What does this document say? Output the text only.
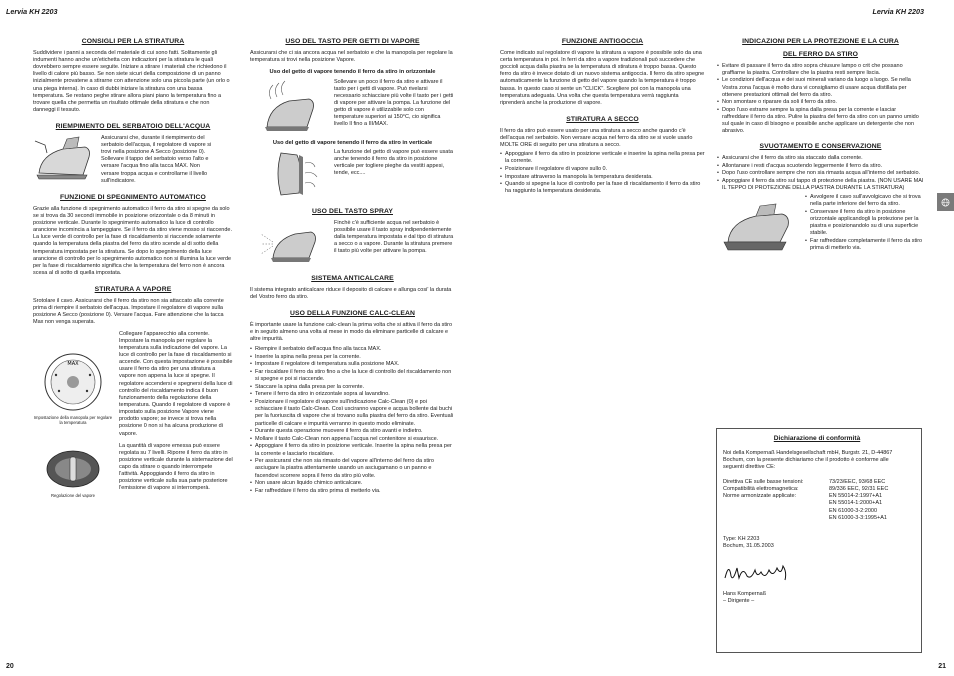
Lervia KH 2203	Lervia KH 2203
CONSIGLI PER LA STIRATURA

Suddividere i panni a seconda del materiale di cui sono fatti. Solitamente gli indumenti hanno anche un'etichetta con indicazioni per la stiratura le quali dovrebbero sempre essere seguite. Iniziare a stirare i materiali che richiedono il livello di calore più basso. Se non siete sicuri della composizione di un panno inizialmente provatene a stirarne con attenzione solo una piccola parte (un orlo o una piega interna). In caso di dubbi iniziare la stiratura con una bassa temperatura. Se restano peghe stirare allora piani piano la temperatura fino a trovare quella che permetta un risultato ottimale della stiratura e che non danneggi il tessuto.

RIEMPIMENTO DEL SERBATOIO DELL'ACQUA

Assicurarsi che, durante il riempimento del serbatoio dell'acqua, il regolatore di vapore si trovi nella posizione A Secco (posizione 0). Sollevare il tappo del serbatoio verso l'alto e versare l'acqua fino alla tacca MAX. Non versare troppa acqua e controllarne il livello sull'indicatore.

FUNZIONE DI SPEGNIMENTO AUTOMATICO

Grazie alla funzione di spegnimento automatico il ferro da stiro si spegne da solo se si trova da 30 secondi immobile in posizione orizzontale o da 8 minuti in posizione verticale. Durante lo spegnimento automatico la luce di controllo arancione incomincia a lampeggiare. Se il ferro da stiro viene mosso si riaccende. La luce verde di controllo per la fase di riscaldamento si riaccende solamente quando la temperatura della piastra del ferro da stiro scende al di sotto della temperatura impostata per la stiratura. Se dopo lo spegnimento della luce arancione di controllo per lo spegnimento automatico non si illumina la luce verde per la fase di riscaldamento significa che la temperatura del ferro non è ancora scesa al di sotto di quella impostata.

STIRATURA A VAPORE

Srotolare il cavo. Assicurarsi che il ferro da stiro non sia attaccato alla corrente prima di riempire il serbatoio dell'acqua. Impostare il regolatore di vapore sulla posizione A Secco (posizione 0). Versare l'acqua. Fare attenzione che la tacca Max non venga superata.

MAX
Impostazione della manopola per regolare la temperatura

Collegare l'apparecchio alla corrente. Impostare la manopola per regolare la temperatura sulla indicazione del vapore. La luce di controllo per la fase di riscaldamento si accende. Con questa impostazione è possibile usare il ferro da stiro per una stiratura a vapore non appena la luce si spegne. Il regolatore accendersi e spegnersi della luce di controllo del riscaldamento indica il buon funzionamento della regolazione della temperatura. Quando il regolatore di vapore è impostato sulla posizione Vapore viene prodotto vapore; se invece si trova nella posizione 0 non si ha alcuna produzione di vapore.

Regolazione del vapore

La quantità di vapore emessa può essere regolata su 7 livelli. Riporre il ferro da stiro in posizione verticale durante la sistemazione del capo da stirare o quando interrompete l'attività. Appoggiando il ferro da stiro in posizione verticale sulla sua parte posteriore l'emissione di vapore si interromperà.

USO DEL TASTO PER GETTI DI VAPORE

Assicurarsi che ci sia ancora acqua nel serbatoio e che la manopola per regolare la temperatura si trovi nella posizione Vapore.

Uso del getto di vapore tenendo il ferro da stiro in orizzontale

Sollevare un poco il ferro da stiro e attivare il tasto per i getti di vapore. Può rivelarsi necessario schiacciare più volte il tasto per i getti di vapore per attivare la pompa. La funzione del getto di vapore è utilizzabile solo con temperature superiori ai 150°C, cio significa livello Il fino a III/MAX.

Uso del getto di vapore tenendo il ferro da stiro in verticale

La funzione del getto di vapore può essere usata anche tenendo il ferro da stiro in posizione verticale per togliere pieghe da vestiti appesi, tende, ecc....

USO DEL TASTO SPRAY

Finchè c'è sufficiente acqua nel serbatoio è possibile usare il tasto spray indipendentemente dalla temperatura impostata e dal tipo di stiratura a secco o a vapore. Durante la stiratura premere il tasto più volte per attivare la pompa.

SISTEMA ANTICALCARE

Il sistema integrato anticalcare riduce il deposito di calcare e allunga cosi' la durata del Vostro ferro da stiro.

USO DELLA FUNZIONE CALC-CLEAN

È importante usare la funzione calc-clean la prima volta che si attiva il ferro da stiro e in seguito almeno una volta al mese in modo da eliminare particelle di calcare e altre impurità.

• Riempire il serbatoio dell'acqua fino alla tacca MAX.
• Inserire la spina nella presa per la corrente.
• Impostare il regolatore di temperatura sulla posizione MAX.
• Far riscaldare il ferro da stiro fino a che la luce di controllo del riscaldamento non si spegne e poi si riaccende.
• Staccare la spina dalla presa per la corrente.
• Tenere il ferro da stiro in orizzontale sopra al lavandino.
• Posizionare il regolatore di vapore sull'indicazione Calc-Clean (0) e poi schiacciare il tasto Calc-Clean. Così usciranno vapore e acqua bollente dai buchi per la fuoriuscita di vapore che si trovano sulla piastra del ferro da stiro. Eventuali particelle di calcare e impurità verranno in questo modo eliminate.
• Durante questa operazione muovere il ferro da stiro avanti e indietro.
• Mollare il tasto Calc-Clean non appena l'acqua nel contenitore si esaurisce.
• Appoggiare il ferro da stiro in posizione verticale. Inserire la spina nella presa per la corrente e lasciarlo riscaldare.
• Per assicurarsi che non sia rimasto del vapore all'interno del ferro da stiro asciugare la piastra attentamente usando un asciugamano o un panno e facendovi scorrere sopra il ferro da stiro più volte.
• Non usare alcun liquido chimico anticalcare.
• Far raffreddare il ferro da stiro prima di metterlo via.
FUNZIONE ANTIGOCCIA

Come indicato sul regolatore di vapore la stiratura a vapore è possibile solo da una certa temperatura in poi. In ferri da stiro a vapore tradizionali può succedere che goccioli acqua dalla piastra se la temperatura di stiratura è troppo bassa. Questo ferro da stiro è invece dotato di un nuovo sistema antigoccia. Il ferro da stiro spegne automaticamente la funzione di getto del vapore quando la temperatura è troppo bassa. In questo caso si sente un "CLICK". Scegliere poi con la manopola una temperatura adeguata. Una volta che questa temperatura verrà raggiunta riprenderà anche la produzione di vapore.

STIRATURA A SECCO

Il ferro da stiro può essere usato per una stiratura a secco anche quando c'è dell'acqua nel serbatoio. Non versare acqua nel ferro da stiro se si vuole usarlo MOLTE ORE di seguito per una stiratura a secco.

• Appoggiare il ferro da stiro in posizione verticale e inserire la spina nella presa per la corrente.
• Posizionare il regolatore di vapore sullo 0.
• Impostare attraverso la manopola la temperatura desiderata.
• Quando si spegne la luce di controllo per la fase di riscaldamento il ferro da stiro ha raggiunto la temperatura desiderata.
INDICAZIONI PER LA PROTEZIONE E LA CURA
DEL FERRO DA STIRO
• Evitare di passare il ferro da stiro sopra chiusure lampo o crit che possano graffiarne la piastra. Controllare che la piastra resti sempre liscia.
• Le condizioni dell'acqua e dei suoi minerali variano da luogo a luogo. Se nella Vostra zona l'acqua è molto dura vi consigliamo di usare acqua distillata per ottenere prestazioni ottimali del ferro da stiro.
• Non smontare o riparare da soli il ferro da stiro.
• Dopo l'uso estrarre sempre la spina dalla presa per la corrente e lasciar raffreddare il ferro da stiro. Pulire la piastra del ferro da stiro con un panno umido sul quale in caso di bisogno e possibile anche applicare un detergente che non abrasivo.
SVUOTAMENTO E CONSERVAZIONE
• Assicurarsi che il ferro da stiro sia staccato dalla corrente.
• Allontanare i resti d'acqua scuotendo leggermente il ferro da stiro.
• Dopo l'uso controllare sempre che non sia rimasta acqua all'interno del serbatoio.
• Appoggiare il ferro da stiro sul tappo di protezione della piastra. (NON USARE MAI IL TEPPO DI PROTEZIONE DELLA PIASTRA DURANTE LA STIRATURA)
• Avvolgere il cavo sull'avvolgicavo che si trova nella parte inferiore del ferro da stiro.
• Conservare il ferro da stiro in posizione orizzontale applicandogli la protezione per la piastra e posizionandolo su di una superficie stabile.
• Far raffreddare completamente il ferro da stiro prima di metterlo via.
Dichiarazione di conformità

Noi della Kompernaß Handelsgesellschaft mbH, Burgstr. 21, D-44867 Bochum, con la presente dichiariamo che il prodotto è conforme alle seguenti direttive CE:

Direttiva CE sulle basse tensioni:	73/23/EEC, 93/68 EEC
Compatibilità elettromagnetica:	89/336 EEC, 92/31 EEC
Norme armonizzate applicate:	EN 55014-2:1997+A1
EN 55014-1:2000+A1
EN 61000-3-2:2000
EN 61000-3-3:1995+A1

Type: KH 2203

Bochum, 31.05.2003

Hans Kompernaß

– Dirigente –

20	21
